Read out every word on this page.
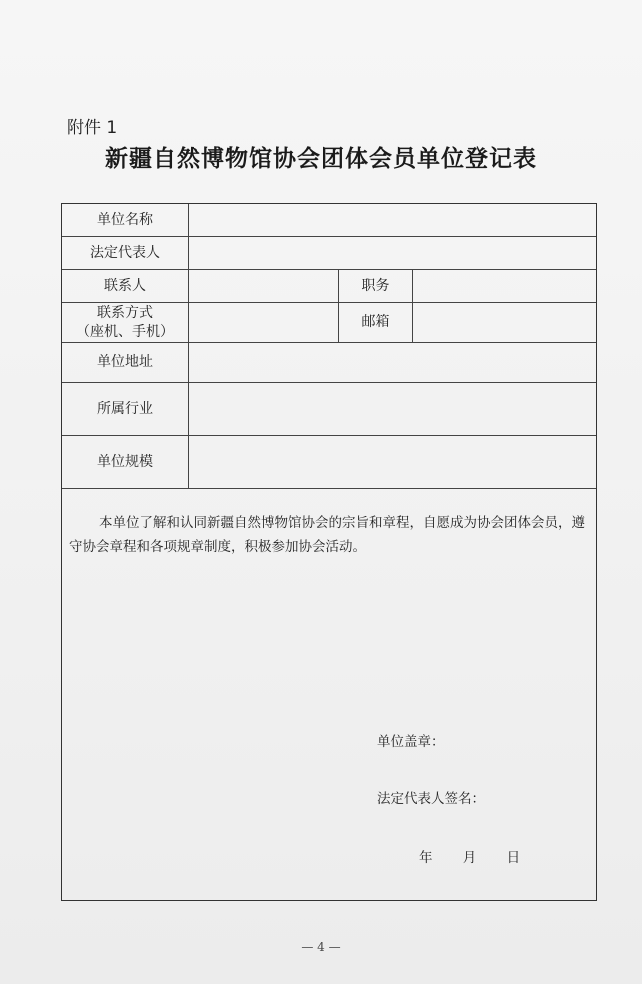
附件 1
新疆自然博物馆协会团体会员单位登记表
单位名称
法定代表人
联系人	职务
联系方式
（座机、手机）
邮箱
单位地址
所属行业
单位规模
本单位了解和认同新疆自然博物馆协会的宗旨和章程，自愿成为协会团体会员，遵守协会章程和各项规章制度，积极参加协会活动。
单位盖章：
法定代表人签名：
年 月 日
— 4 —
